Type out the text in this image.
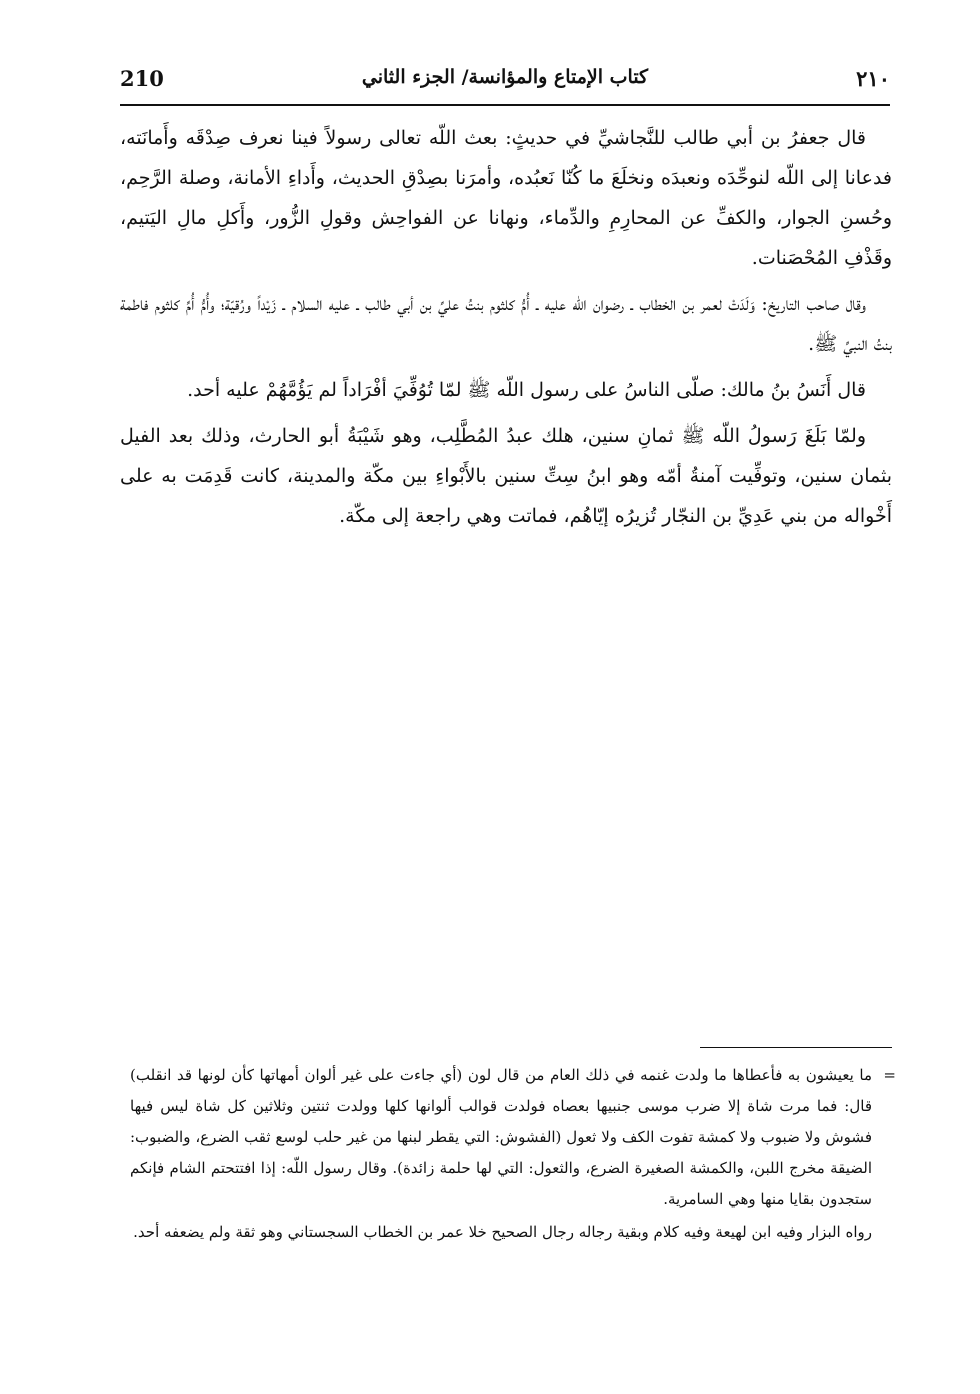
210	كتاب الإمتاع والمؤانسة/ الجزء الثاني	٢١٠

قال جعفرُ بن أبي طالب للنَّجاشيِّ في حديثٍ: بعث اللّه تعالى رسولاً فينا نعرف صِدْقَه وأَمانَته، فدعانا إلى اللّه لنوحِّدَه ونعبدَه ونخلَعَ ما كُنّا نَعبُده، وأمرَنا بصِدْقِ الحديث، وأَداءِ الأمانة، وصلة الرَّحِم، وحُسنِ الجوار، والكفِّ عن المحارِمِ والدِّماء، ونهانا عن الفواحِش وقولِ الزُّور، وأَكلِ مالِ اليَتيم، وقَذْفِ المُحْصَنات.

وقال صاحب التاريخ: وَلَدَتْ لعمر بن الخطاب ـ رضوان اللّه عليه ـ أُمُّ كلثوم بنتُ عليِّ بن أبي طالب ـ عليه السلام ـ زَيْداً ورُقيّة؛ وأُمُّ أُمِّ كلثوم فاطمة بنتُ النبيِّ ﷺ.

قال أَنَسُ بنُ مالك: صلّى الناسُ على رسول اللّه ﷺ لمّا تُوُفِّيَ أفْرَاداً لم يَؤُمَّهُمْ عليه أحد.

ولمّا بَلَغَ رَسولُ اللّه ﷺ ثمانِ سنين، هلك عبدُ المُطَّلِب، وهو شَيْبَةُ أبو الحارث، وذلك بعد الفيل بثمان سنين، وتوفِّيت آمنةُ أمّه وهو ابنُ سِتِّ سنين بالأَبْواءِ بين مكّة والمدينة، كانت قَدِمَت به على أَخْواله من بني عَدِيِّ بن النجّار تُزيرُه إيّاهُم، فماتت وهي راجعة إلى مكّة.

=

ما يعيشون به فأعطاها ما ولدت غنمه في ذلك العام من قال لون (أي جاءت على غير ألوان أمهاتها كأن لونها قد انقلب) قال: فما مرت شاة إلا ضرب موسى جنبيها بعصاه فولدت قوالب ألوانها كلها وولدت ثنتين وثلاثين كل شاة ليس فيها فشوش ولا ضبوب ولا كمشة تفوت الكف ولا ثعول (الفشوش: التي يقطر لبنها من غير حلب لوسع ثقب الضرع، والضبوب: الضيقة مخرج اللبن، والكمشة الصغيرة الضرع، والثعول: التي لها حلمة زائدة). وقال رسول اللّه: إذا افتتحتم الشام فإنكم ستجدون بقايا منها وهي السامرية.

رواه البزار وفيه ابن لهيعة وفيه كلام وبقية رجاله رجال الصحيح خلا عمر بن الخطاب السجستاني وهو ثقة ولم يضعفه أحد.
